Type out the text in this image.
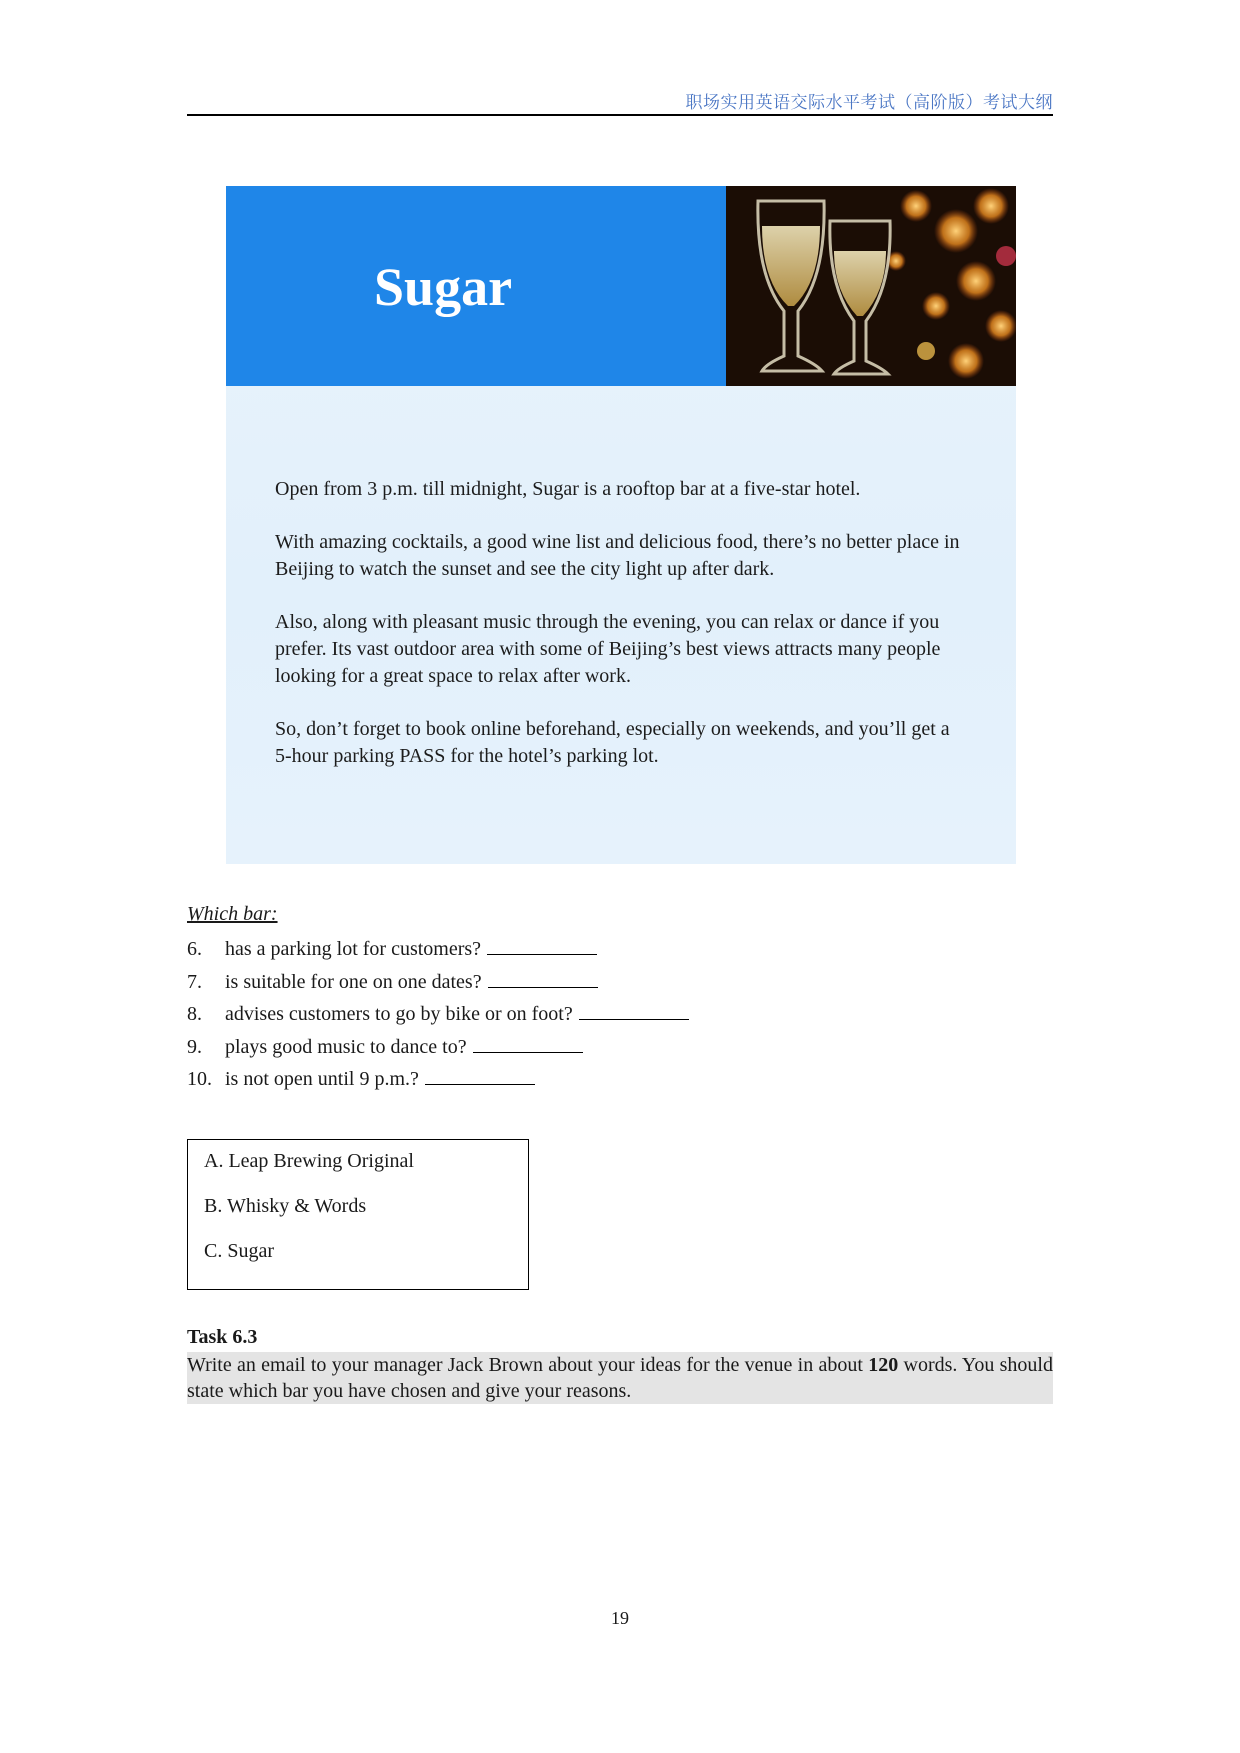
职场实用英语交际水平考试（高阶版）考试大纲
Sugar

Open from 3 p.m. till midnight, Sugar is a rooftop bar at a five-star hotel.

With amazing cocktails, a good wine list and delicious food, there’s no better place in Beijing to watch the sunset and see the city light up after dark.

Also, along with pleasant music through the evening, you can relax or dance if you prefer. Its vast outdoor area with some of Beijing’s best views attracts many people looking for a great space to relax after work.

So, don’t forget to book online beforehand, especially on weekends, and you’ll get a 5-hour parking PASS for the hotel’s parking lot.

Which bar:
6. has a parking lot for customers?
7. is suitable for one on one dates?
8. advises customers to go by bike or on foot?
9. plays good music to dance to?
10. is not open until 9 p.m.?
A. Leap Brewing Original
B. Whisky & Words
C. Sugar
Task 6.3
Write an email to your manager Jack Brown about your ideas for the venue in about 120 words. You should state which bar you have chosen and give your reasons.
19
